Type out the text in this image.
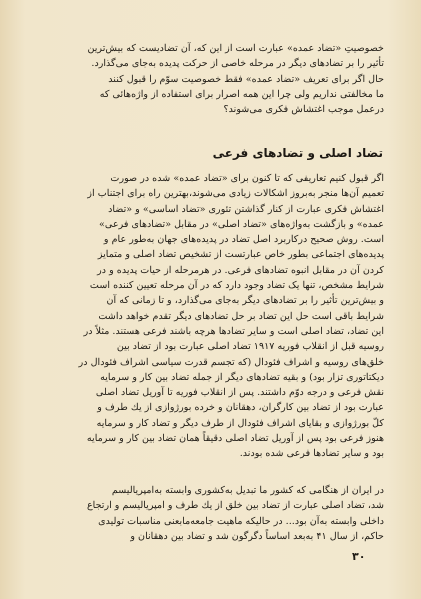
خصوصیتِ «تضاد عمده» عبارت است از این که، آن تضادیست که بیش‌ترین
تأثیر را بر تضادهای دیگر در مرحله خاصی از حرکت پدیده به‌جای می‌گذارد.
حال اگر برای تعریف «تضاد عمده» فقط خصوصیت سوّم را قبول کنند
ما مخالفتی نداریم ولی چرا این همه اصرار برای استفاده از واژه‌هائی که
درعمل موجب اغتشاش فکری می‌شوند؟
تضاد اصلی و تضادهای فرعی
اگر قبول کنیم تعاریفی که تا کنون برای «تضاد عمده» شده در صورت
تعمیم آن‌ها منجر به‌بروز اشکالات زیادی می‌شوند،بهترین راه برای اجتناب از
اغتشاش فکری عبارت از کنار گذاشتن تئوری «تضاد اساسی» و «تضاد
عمده» و بازگشت به‌واژه‌های «تضاد اصلی» در مقابل «تضادهای فرعی»
است. روش صحیح درکاربرد اصل تضاد در پدیده‌های جهان به‌طور عام و
پدیده‌های اجتماعی بطور خاص عبارتست از تشخیص تضاد اصلی و متمایز
کردن آن در مقابل انبوه تضادهای فرعی. در هرمرحله از حیات پدیده و در
شرایط مشخص، تنها یک تضاد وجود دارد که در آن مرحله تعیین کننده است
و بیش‌ترین تأثیر را بر تضادهای دیگر به‌جای می‌گذارد، و تا زمانی که آن
شرایط باقی است حل این تضاد بر حل تضادهای دیگر تقدم خواهد داشت
این تضاد، تضاد اصلی است و سایر تضادها هرچه باشند فرعی هستند. مثلاً در
روسیه قبل از انقلاب فوریه ۱۹۱۷ تضاد اصلی عبارت بود از تضاد بین
خلق‌های روسیه و اشراف فئودال (که تجسم قدرت سیاسی اشراف فئودال در
دیکتاتوری تزار بود) و بقیه تضادهای دیگر از جمله تضاد بین کار و سرمایه
نقش فرعی و درجه دوّم داشتند. پس از انقلاب فوریه تا آوریل تضاد اصلی
عبارت بود از تضاد بین کارگران، دهقانان و خرده بورژوازی از یك طرف و
کلّ بورژوازی و بقایای اشراف فئودال از طرف دیگر و تضاد کار و سرمایه
هنوز فرعی بود پس از آوریل تضاد اصلی دقیقاً همان تضاد بین کار و سرمایه
بود و سایر تضادها فرعی شده بودند.
در ایران از هنگامی که کشور ما تبدیل به‌کشوری وابسته به‌امپریالیسم
شد، تضاد اصلی عبارت از تضاد بین خلق از یك طرف و امپریالیسم و ارتجاع
داخلی وابسته به‌آن بود... در حالیکه ماهیت جامعه‌مابعنی مناسبات تولیدی
حاکم، از سال ۴۱ به‌بعد اساساً دگرگون شد و تضاد بین دهقانان و
۳۰
